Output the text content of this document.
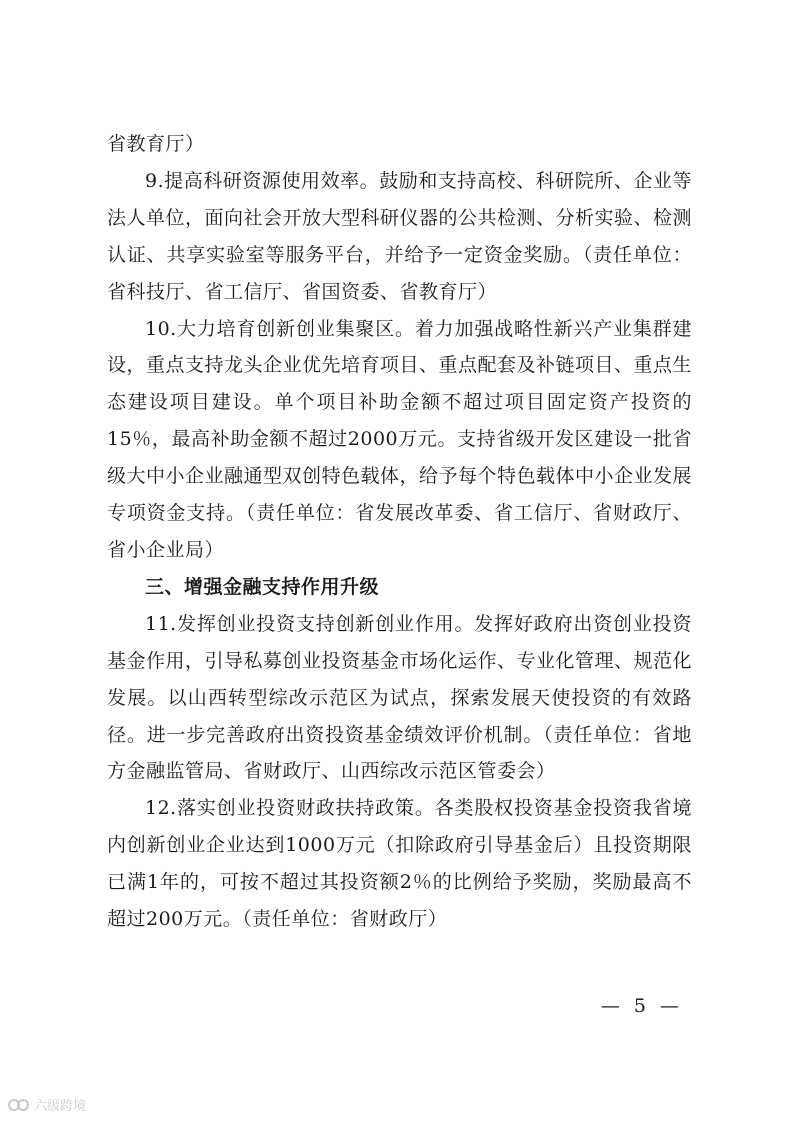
省教育厅）

9.提高科研资源使用效率。鼓励和支持高校、科研院所、企业等法人单位，面向社会开放大型科研仪器的公共检测、分析实验、检测认证、共享实验室等服务平台，并给予一定资金奖励。（责任单位：省科技厅、省工信厅、省国资委、省教育厅）

10.大力培育创新创业集聚区。着力加强战略性新兴产业集群建设，重点支持龙头企业优先培育项目、重点配套及补链项目、重点生态建设项目建设。单个项目补助金额不超过项目固定资产投资的15％，最高补助金额不超过2000万元。支持省级开发区建设一批省级大中小企业融通型双创特色载体，给予每个特色载体中小企业发展专项资金支持。（责任单位：省发展改革委、省工信厅、省财政厅、省小企业局）

三、增强金融支持作用升级

11.发挥创业投资支持创新创业作用。发挥好政府出资创业投资基金作用，引导私募创业投资基金市场化运作、专业化管理、规范化发展。以山西转型综改示范区为试点，探索发展天使投资的有效路径。进一步完善政府出资投资基金绩效评价机制。（责任单位：省地方金融监管局、省财政厅、山西综改示范区管委会）

12.落实创业投资财政扶持政策。各类股权投资基金投资我省境内创新创业企业达到1000万元（扣除政府引导基金后）且投资期限已满1年的，可按不超过其投资额2％的比例给予奖励，奖励最高不超过200万元。（责任单位：省财政厅）

— 5 —
六级跨境
